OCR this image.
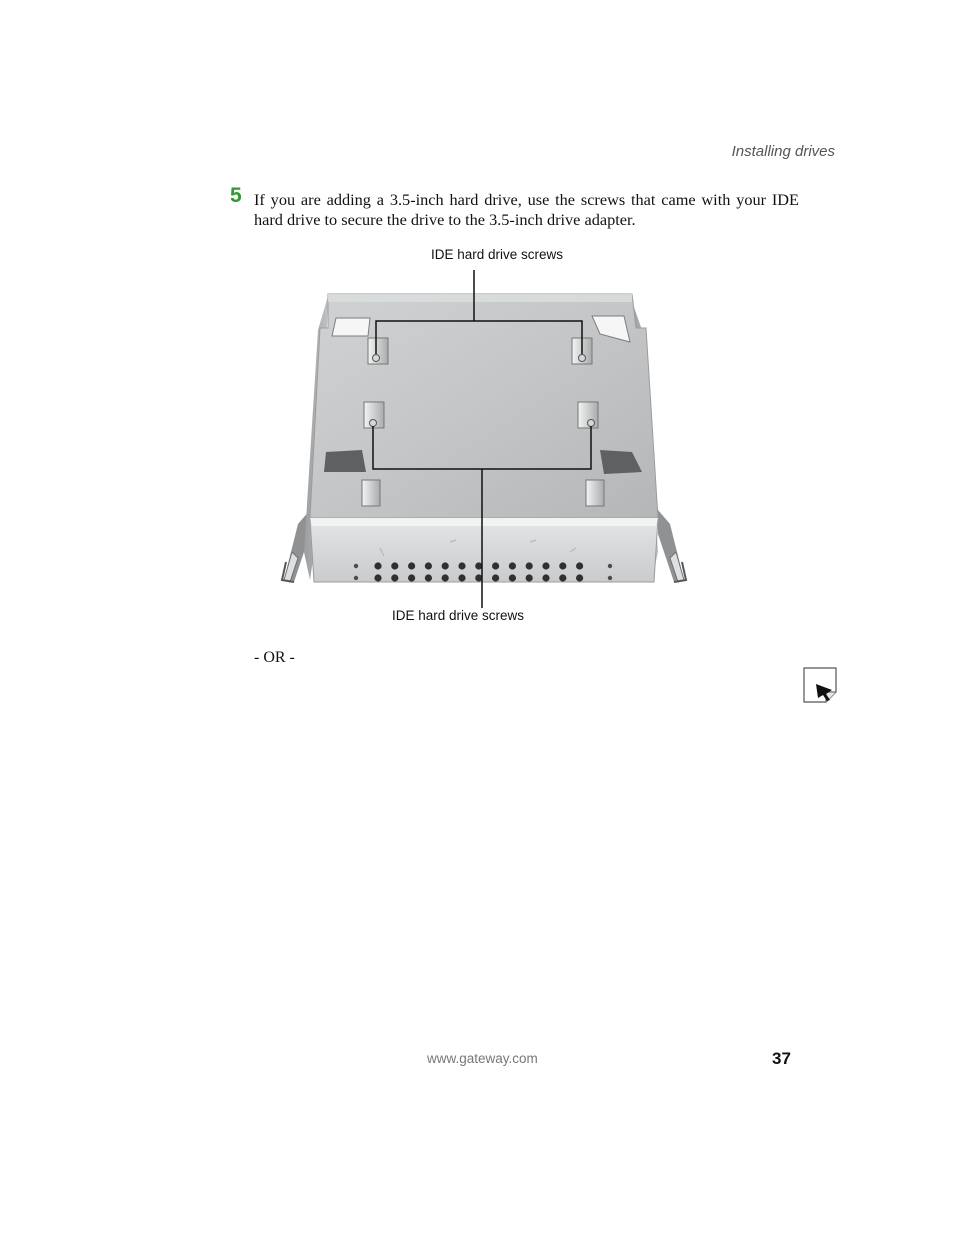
Installing drives
5 If you are adding a 3.5-inch hard drive, use the screws that came with your IDE hard drive to secure the drive to the 3.5-inch drive adapter.
IDE hard drive screws
IDE hard drive screws
- OR -
www.gateway.com	37
